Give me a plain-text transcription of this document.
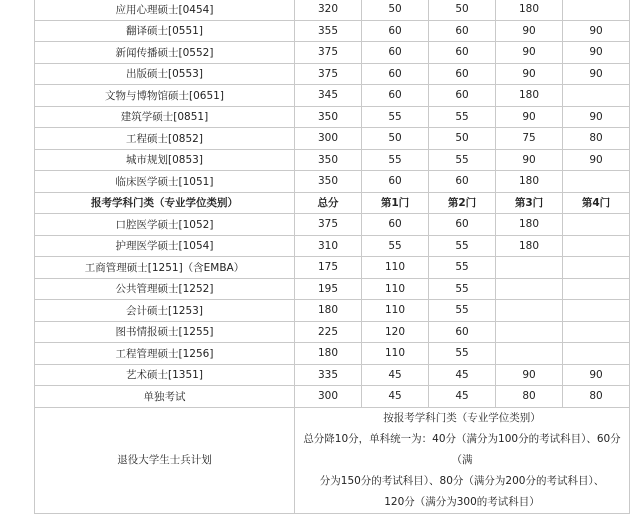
应用心理硕士[0454]	320	50	50	180	
翻译硕士[0551]	355	60	60	90	90
新闻传播硕士[0552]	375	60	60	90	90
出版硕士[0553]	375	60	60	90	90
文物与博物馆硕士[0651]	345	60	60	180	
建筑学硕士[0851]	350	55	55	90	90
工程硕士[0852]	300	50	50	75	80
城市规划[0853]	350	55	55	90	90
临床医学硕士[1051]	350	60	60	180	
报考学科门类（专业学位类别）	总分	第1门	第2门	第3门	第4门
口腔医学硕士[1052]	375	60	60	180	
护理医学硕士[1054]	310	55	55	180	
工商管理硕士[1251]（含EMBA）	175	110	55		
公共管理硕士[1252]	195	110	55		
会计硕士[1253]	180	110	55		
图书情报硕士[1255]	225	120	60		
工程管理硕士[1256]	180	110	55		
艺术硕士[1351]	335	45	45	90	90
单独考试	300	45	45	80	80
退役大学生士兵计划	按报考学科门类（专业学位类别）
总分降10分，单科统一为：40分（满分为100分的考试科目）、60分（满
分为150分的考试科目）、80分（满分为200分的考试科目）、
120分（满分为300的考试科目）				
